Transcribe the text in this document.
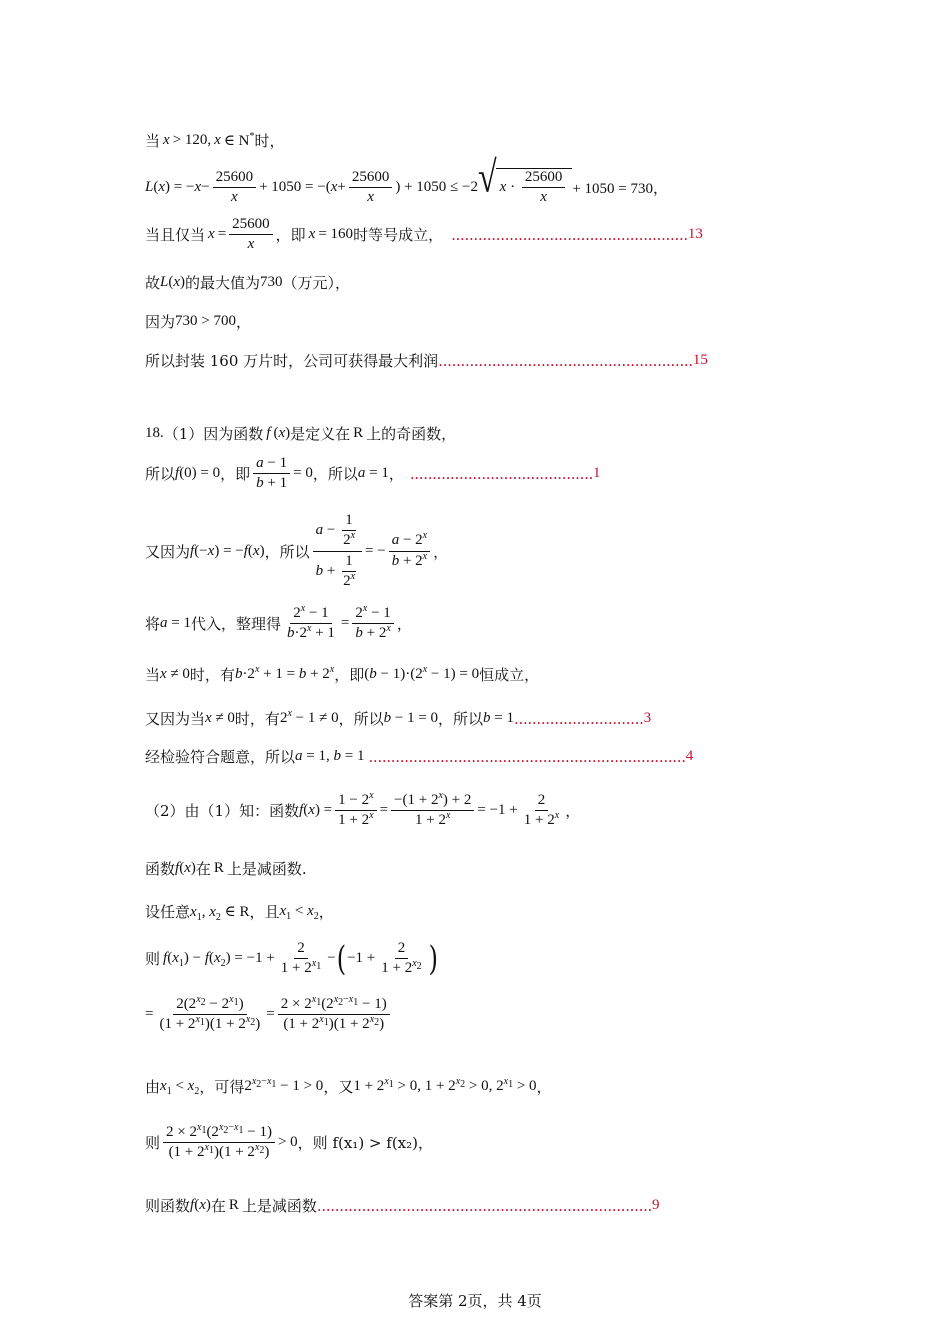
当 x > 120, x ∈ N* 时，
L ( x ) = − $x - \frac{25600}{x} + 1050$ = −( $x + \frac{25600}{x}$ ) + 1050 ≤ −2 √ $x \cdot \frac{25600}{x} + 1050 = 730$，
当且仅当 $x = \frac{25600}{x}$ ，即 x = 160 时等号成立， ..................................................... 13
故 L(x) 的最大值为 730 （万元），
因为 730 > 700 ，
所以封装 160 万片时，公司可获得最大利润 ......................................................... 15
18. （1）因为函数 f (x) 是定义在 R 上的奇函数，
所以 f(0) = 0 ，即 $\frac{a - 1}{b + 1} = 0$ ，所以 a = 1 ， ......................................... 1
又因为 f(−x) = −f(x) ，所以 $\frac{a - \frac{1}{2^x}}{b + \frac{1}{2^x}}$ = − $\frac{a - 2^x}{b + 2^x}$ ，
将 a = 1 代入，整理得 $\frac{2^x - 1}{b\cdot 2^x + 1} = \frac{2^x - 1}{b + 2^x}$ ，
当 x ≠ 0 时，有 $b\cdot 2^x + 1 = b + 2^x$ ，即 $(b - 1)\cdot(2^x - 1) = 0$ 恒成立，
又因为当 x ≠ 0 时，有 $2^x - 1 \ne 0$ ，所以 b − 1 = 0 ，所以 b = 1 ............................. 3
经检验符合题意，所以 a = 1, b = 1 ....................................................................... 4
（2）由（1）知：函数 $f(x) = \frac{1 - 2^x}{1 + 2^x} = \frac{-(1 + 2^x) + 2}{1 + 2^x} = -1 + \frac{2}{1 + 2^x}$ ，
函数 f(x) 在 R 上是减函数.
设任意 $x_1$, $x_2$ ∈ R ，且 $x_1 < x_2$ ，
则 $f(x_1) - f(x_2) = -1 + \frac{2}{1 + 2^{x_1}}$ − ( $-1 + \frac{2}{1 + 2^{x_2}}$ )
= $\frac{2(2^{x_2} - 2^{x_1})}{(1 + 2^{x_1})(1 + 2^{x_2})} = \frac{2 \times 2^{x_1}(2^{x_2-x_1} - 1)}{(1 + 2^{x_1})(1 + 2^{x_2})}$
由 $x_1 < x_2$ ，可得 $2^{x_2-x_1} - 1 > 0$ ， 又 $1 + 2^{x_1} > 0$, $1 + 2^{x_2} > 0$, $2^{x_1} > 0$ ，
则 $\frac{2 \times 2^{x_1}(2^{x_2-x_1} - 1)}{(1 + 2^{x_1})(1 + 2^{x_2})} > 0$ ，则 f(x₁) > f(x₂)，
则函数 f(x) 在 R 上是减函数 ........................................................................... 9
答案第 2页，共 4页
